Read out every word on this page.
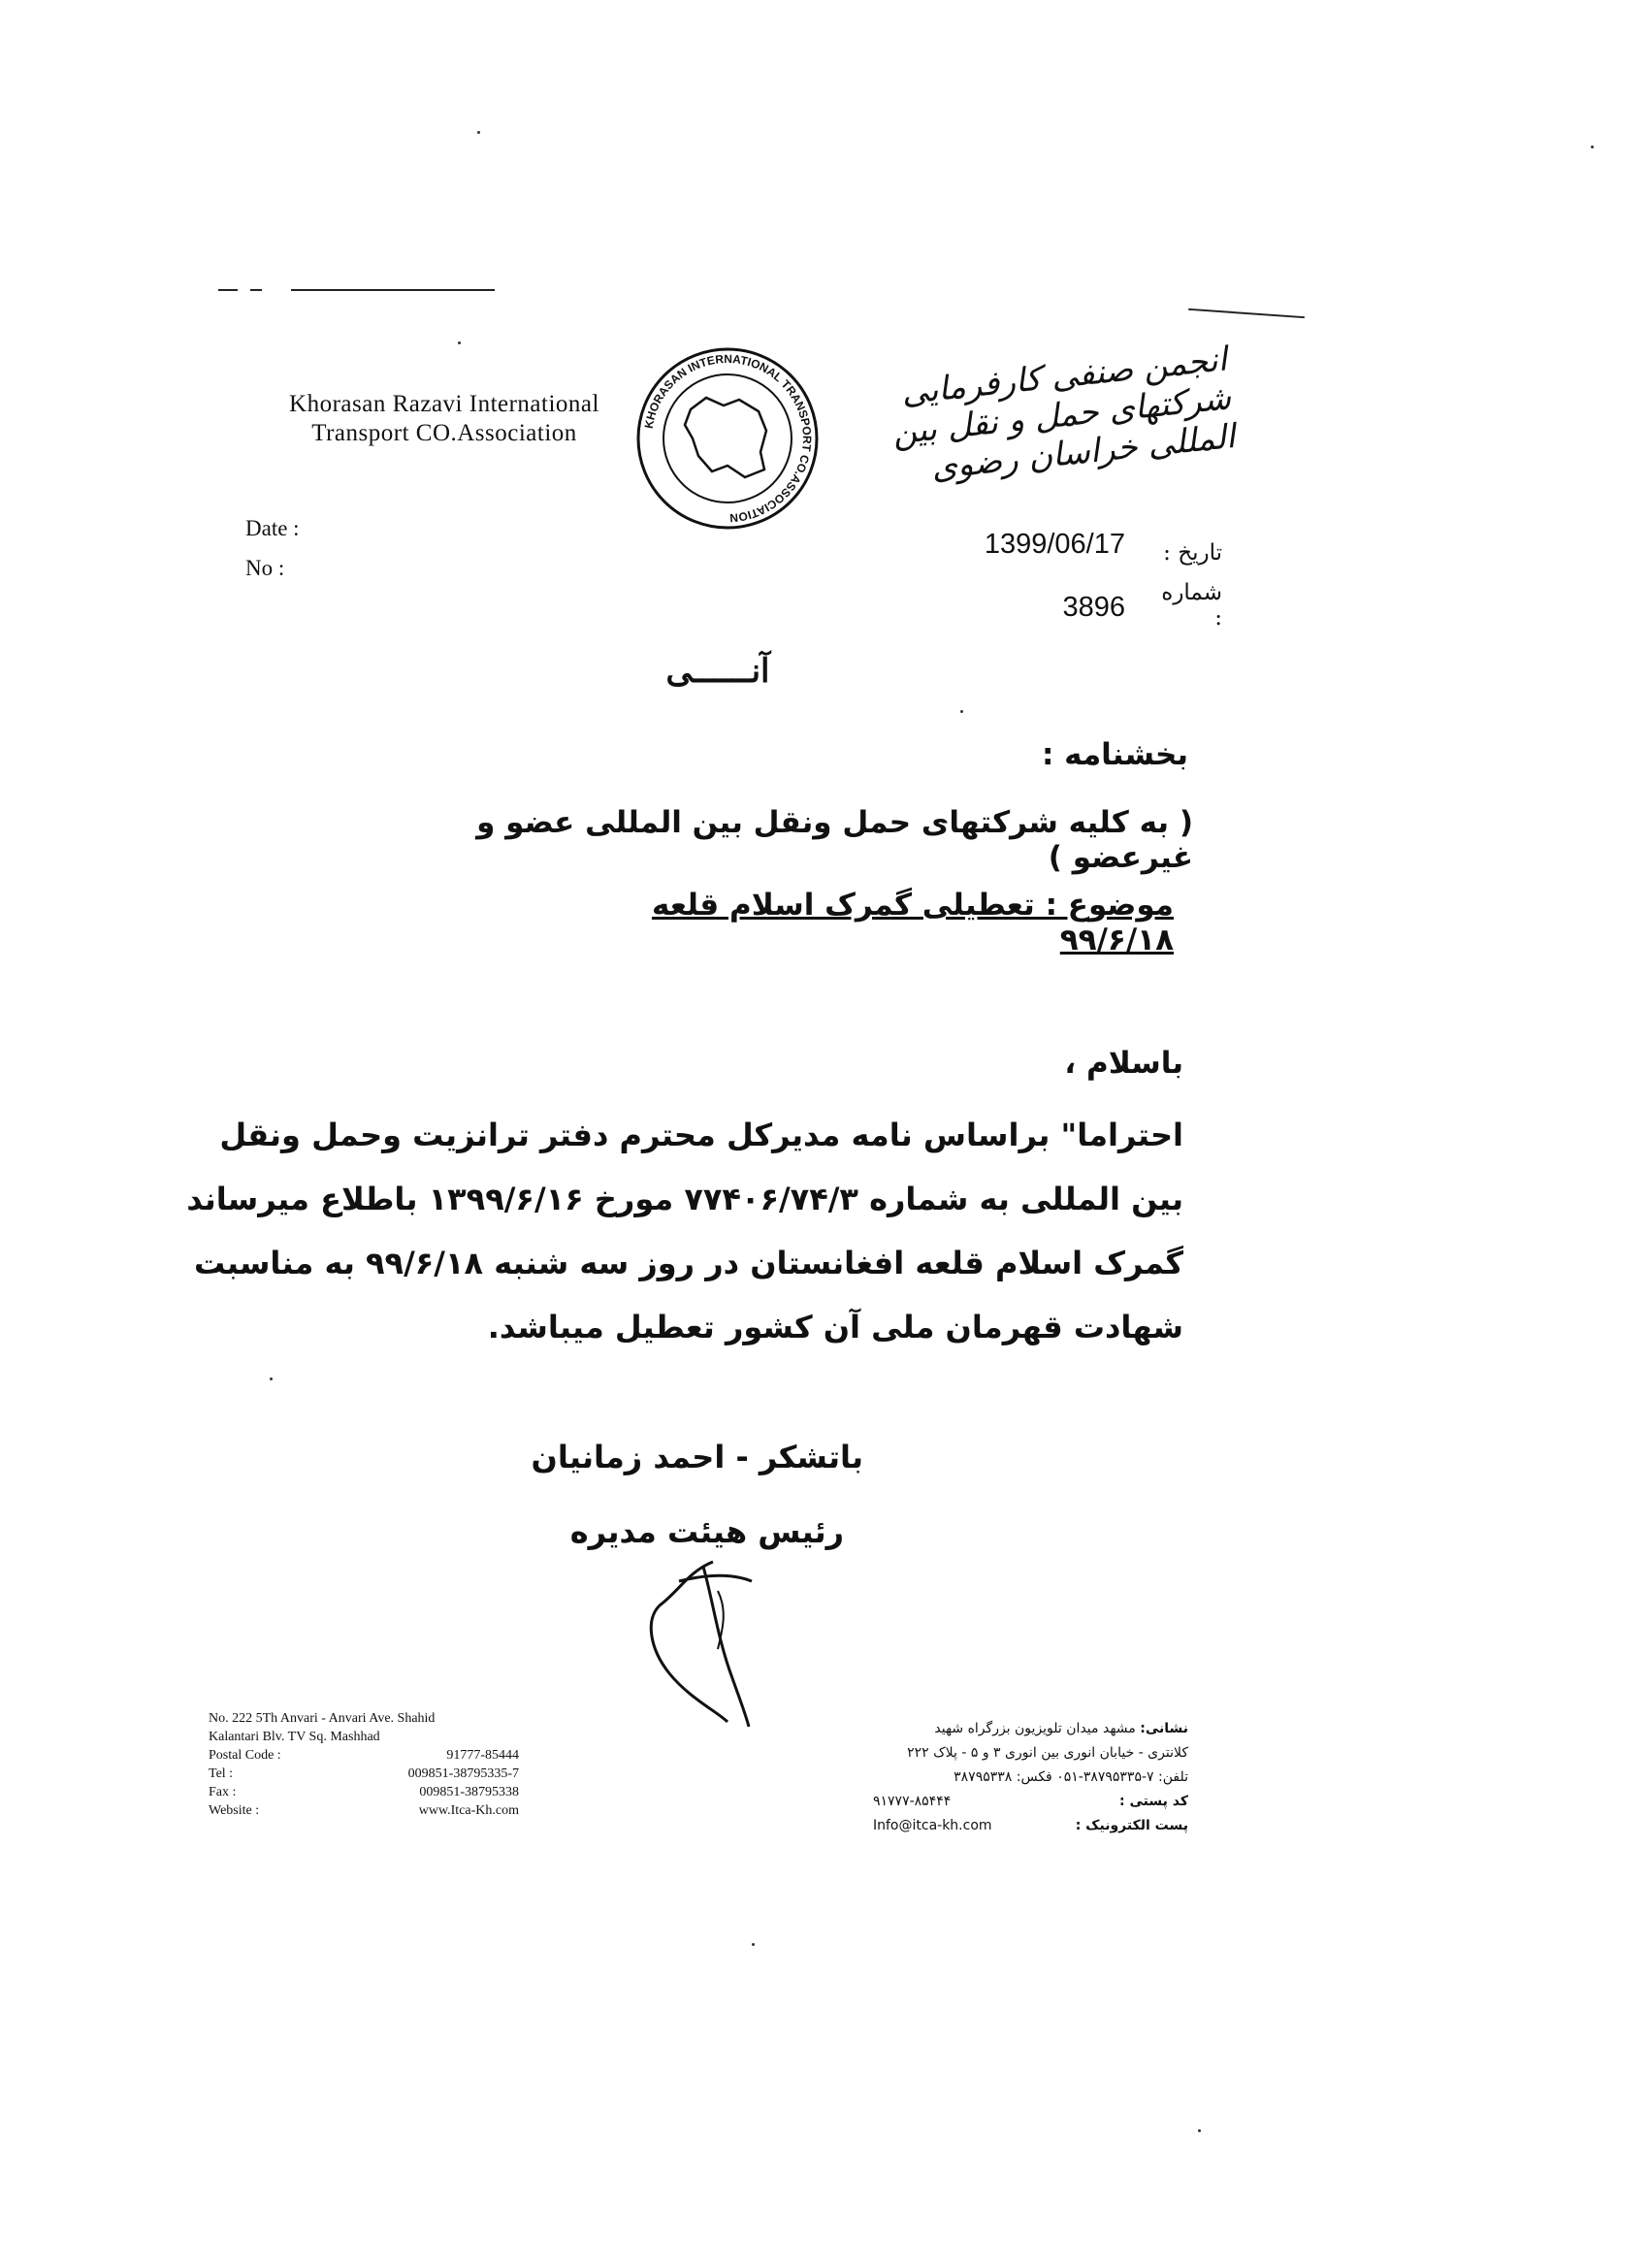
Khorasan Razavi International
Transport CO.Association	KHORASAN INTERNATIONAL TRANSPORT CO.ASSOCIATION
انجمن صنفی کارفرمایی شرکتهای حمل و نقل بین المللی خراسان رضوی
Date :
No :
1399/06/17	تاریخ :
3896	شماره :
آنــــــی
بخشنامه :
( به کلیه شرکتهای حمل ونقل بین المللی عضو و غیرعضو )
موضوع : تعطیلی گمرک اسلام قلعه ۹۹/۶/۱۸
باسلام ،
احتراما" براساس نامه مدیرکل محترم دفتر ترانزیت وحمل ونقل
بین المللی به شماره ۷۷۴۰۶/۷۴/۳ مورخ ۱۳۹۹/۶/۱۶ باطلاع میرساند
گمرک اسلام قلعه افغانستان در روز سه شنبه ۹۹/۶/۱۸ به مناسبت
شهادت قهرمان ملی آن کشور تعطیل میباشد.
باتشکر - احمد زمانیان
رئیس هیئت مدیره
No. 222 5Th Anvari - Anvari Ave. Shahid
Kalantari Blv. TV Sq. Mashhad
Postal Code :	91777-85444
Tel :	009851-38795335-7
Fax :	009851-38795338
Website :	www.Itca-Kh.com
نشانی: مشهد میدان تلویزیون بزرگراه شهید
کلانتری - خیابان انوری بین انوری ۳ و ۵ - پلاک ۲۲۲
تلفن: ۷-۳۸۷۹۵۳۳۵-۰۵۱ فکس: ۳۸۷۹۵۳۳۸
کد پستی :
۹۱۷۷۷-۸۵۴۴۴
پست الکترونیک :
Info@itca-kh.com
